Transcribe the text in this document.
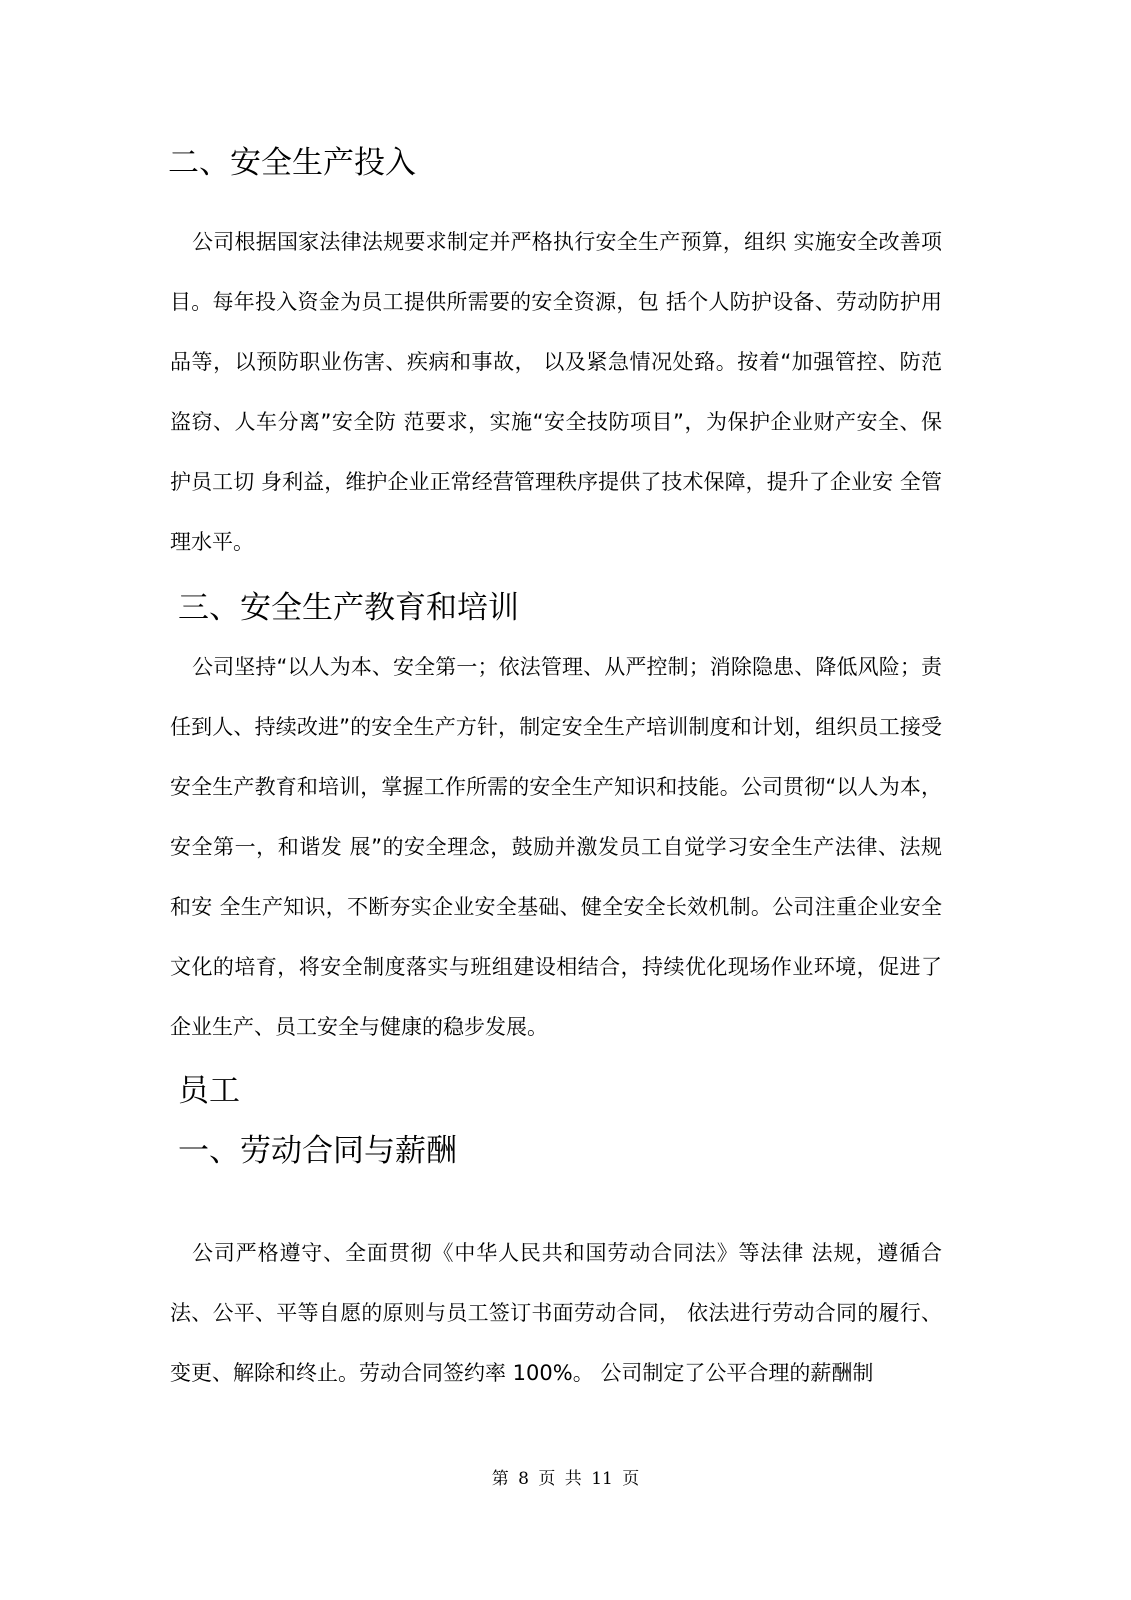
二、安全生产投入

公司根据国家法律法规要求制定并严格执行安全生产预算，组织 实施安全改善项目。每年投入资金为员工提供所需要的安全资源，包 括个人防护设备、劳动防护用品等，以预防职业伤害、疾病和事故， 以及紧急情况处臵。按着“加强管控、防范盗窃、人车分离”安全防 范要求，实施“安全技防项目”，为保护企业财产安全、保护员工切 身利益，维护企业正常经营管理秩序提供了技术保障，提升了企业安 全管理水平。

三、安全生产教育和培训

公司坚持“以人为本、安全第一；依法管理、从严控制；消除隐患、降低风险；责任到人、持续改进”的安全生产方针，制定安全生产培训制度和计划，组织员工接受安全生产教育和培训，掌握工作所需的安全生产知识和技能。公司贯彻“以人为本，安全第一，和谐发 展”的安全理念，鼓励并激发员工自觉学习安全生产法律、法规和安 全生产知识，不断夯实企业安全基础、健全安全长效机制。公司注重企业安全文化的培育，将安全制度落实与班组建设相结合，持续优化现场作业环境，促进了企业生产、员工安全与健康的稳步发展。

员工
一、劳动合同与薪酬

公司严格遵守、全面贯彻《中华人民共和国劳动合同法》等法律 法规，遵循合法、公平、平等自愿的原则与员工签订书面劳动合同， 依法进行劳动合同的履行、变更、解除和终止。劳动合同签约率 100%。 公司制定了公平合理的薪酬制

第 8 页 共 11 页
